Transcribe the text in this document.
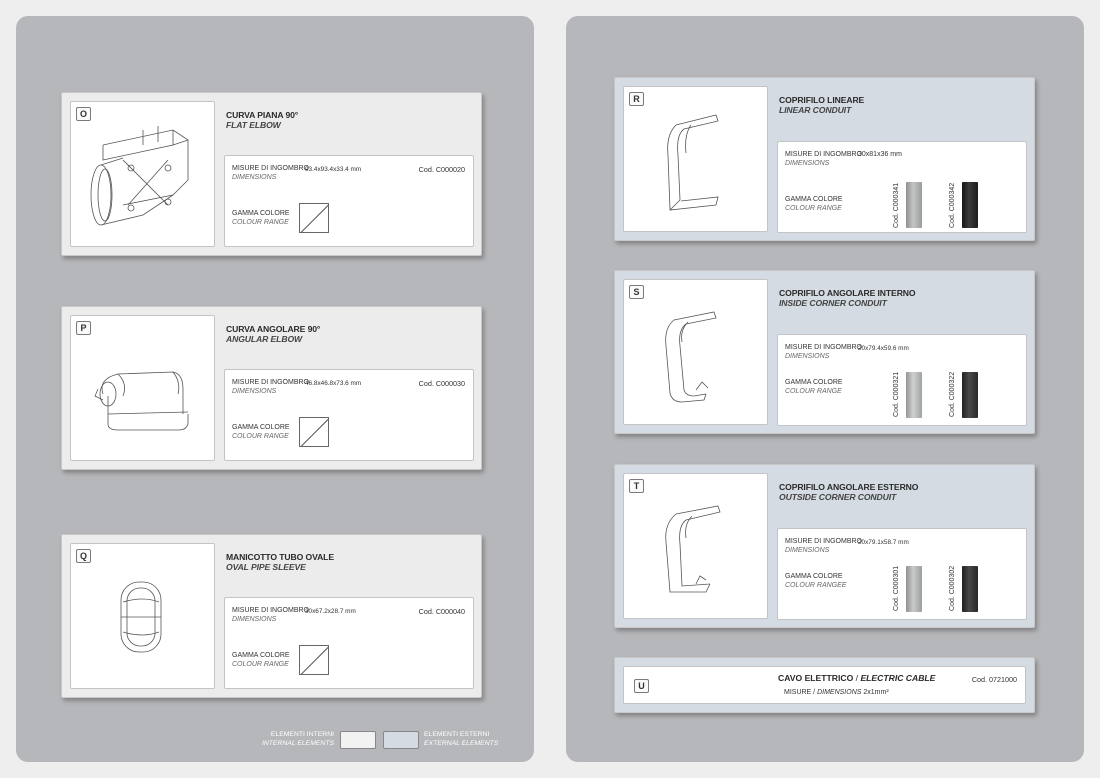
O	CURVA PIANA 90°
FLAT ELBOW
MISURE DI INGOMBRO
DIMENSIONS
93.4x93.4x33.4 mm	Cod. C000020
GAMMA COLORE
COLOUR RANGE
P	CURVA ANGOLARE 90°
ANGULAR ELBOW
MISURE DI INGOMBRO
DIMENSIONS
46.8x46.8x73.6 mm	Cod. C000030
GAMMA COLORE
COLOUR RANGE
Q	MANICOTTO TUBO OVALE
OVAL PIPE SLEEVE
MISURE DI INGOMBRO
DIMENSIONS
30x67.2x28.7 mm	Cod. C000040
GAMMA COLORE
COLOUR RANGE
ELEMENTI INTERNI
INTERNAL ELEMENTS
ELEMENTI ESTERNI
EXTERNAL ELEMENTS
R	COPRIFILO LINEARE
LINEAR CONDUIT
MISURE DI INGOMBRO
DIMENSIONS
30x81x36 mm
GAMMA COLORE
COLOUR RANGE	Cod. C000341	Cod. C000342
S	COPRIFILO ANGOLARE INTERNO
INSIDE CORNER CONDUIT
MISURE DI INGOMBRO
DIMENSIONS
20x79.4x59.6 mm
GAMMA COLORE
COLOUR RANGE	Cod. C000321	Cod. C000322
T	COPRIFILO ANGOLARE ESTERNO
OUTSIDE CORNER CONDUIT
MISURE DI INGOMBRO
DIMENSIONS
20x79.1x58.7 mm
GAMMA COLORE
COLOUR RANGEE	Cod. C000301	Cod. C000302
U
CAVO ELETTRICO / ELECTRIC CABLE
MISURE / DIMENSIONS 2x1mm²
Cod. 0721000
